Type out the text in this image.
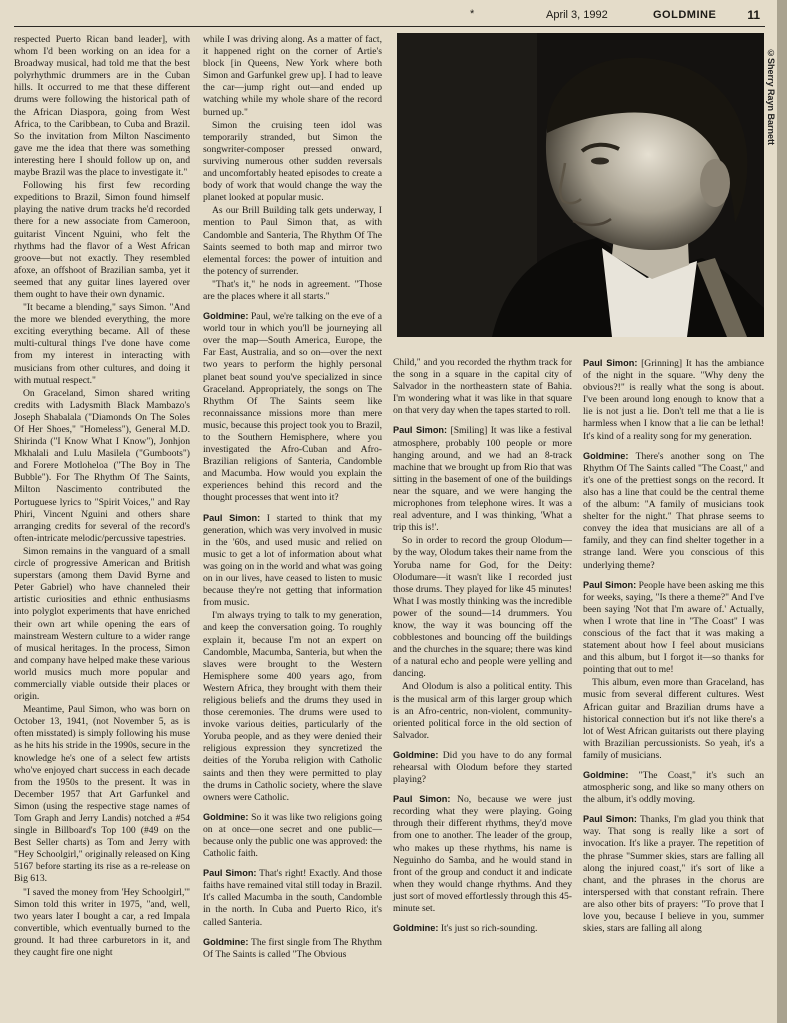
*	April 3, 1992	GOLDMINE	11

respected Puerto Rican band leader], with whom I'd been working on an idea for a Broadway musical, had told me that the best polyrhythmic drummers are in the Cuban hills. It occurred to me that these different drums were following the historical path of the African Diaspora, going from West Africa, to the Caribbean, to Cuba and Brazil. So the invitation from Milton Nascimento gave me the idea that there was something interesting here I should follow up on, and maybe Brazil was the place to investigate it."

Following his first few recording expeditions to Brazil, Simon found himself playing the native drum tracks he'd recorded there for a new associate from Cameroon, guitarist Vincent Nguini, who felt the rhythms had the flavor of a West African groove—but not exactly. They resembled afoxe, an offshoot of Brazilian samba, yet it seemed that any guitar lines layered over them ought to have their own dynamic.

"It became a blending," says Simon. "And the more we blended everything, the more exciting everything became. All of these multi-cultural things I've done have come from my interest in interacting with musicians from other cultures, and doing it with mutual respect."

On Graceland, Simon shared writing credits with Ladysmith Black Mambazo's Joseph Shabalala ("Diamonds On The Soles Of Her Shoes," "Homeless"), General M.D. Shirinda ("I Know What I Know"), Jonhjon Mkhalali and Lulu Masilela ("Gumboots") and Forere Motloheloa ("The Boy in The Bubble"). For The Rhythm Of The Saints, Milton Nascimento contributed the Portuguese lyrics to "Spirit Voices," and Ray Phiri, Vincent Nguini and others share arranging credits for several of the record's often-intricate melodic/percussive tapestries.

Simon remains in the vanguard of a small circle of progressive American and British superstars (among them David Byrne and Peter Gabriel) who have channeled their artistic curiosities and ethnic enthusiasms into polyglot experiments that have enriched their own art while opening the ears of mainstream Western culture to a wider range of musical heritages. In the process, Simon and company have helped make these various world musics much more popular and commercially viable outside their places or origin.

Meantime, Paul Simon, who was born on October 13, 1941, (not November 5, as is often misstated) is simply following his muse as he hits his stride in the 1990s, secure in the knowledge he's one of a select few artists who've enjoyed chart success in each decade from the 1950s to the present. It was in December 1957 that Art Garfunkel and Simon (using the respective stage names of Tom Graph and Jerry Landis) notched a #54 single in Billboard's Top 100 (#49 on the Best Seller charts) as Tom and Jerry with "Hey Schoolgirl," originally released on King 5167 before starting its rise as a re-release on Big 613.

"I saved the money from 'Hey Schoolgirl,'" Simon told this writer in 1975, "and, well, two years later I bought a car, a red Impala convertible, which eventually burned to the ground. It had three carburetors in it, and they caught fire one night

while I was driving along. As a matter of fact, it happened right on the corner of Artie's block [in Queens, New York where both Simon and Garfunkel grew up]. I had to leave the car—jump right out—and ended up watching while my whole share of the record burned up."

Simon the cruising teen idol was temporarily stranded, but Simon the songwriter-composer pressed onward, surviving numerous other sudden reversals and uncomfortably heated episodes to create a body of work that would change the way the planet looked at popular music.

As our Brill Building talk gets underway, I mention to Paul Simon that, as with Candomble and Santeria, The Rhythm Of The Saints seemed to both map and mirror two elemental forces: the power of intuition and the potency of surrender.

"That's it," he nods in agreement. "Those are the places where it all starts."

Goldmine: Paul, we're talking on the eve of a world tour in which you'll be journeying all over the map—South America, Europe, the Far East, Australia, and so on—over the next two years to perform the highly personal planet beat sound you've specialized in since Graceland. Appropriately, the songs on The Rhythm Of The Saints seem like reconnaissance missions more than mere music, because this project took you to Brazil, to the Southern Hemisphere, where you investigated the Afro-Cuban and Afro-Brazilian religions of Santeria, Candomble and Macumba. How would you explain the experiences behind this record and the thought processes that went into it?

Paul Simon: I started to think that my generation, which was very involved in music in the '60s, and used music and relied on music to get a lot of information about what was going on in the world and what was going on in our lives, have ceased to listen to music because they're not getting that information from music.

I'm always trying to talk to my generation, and keep the conversation going. To roughly explain it, because I'm not an expert on Candomble, Macumba, Santeria, but when the slaves were brought to the Western Hemisphere some 400 years ago, from Western Africa, they brought with them their religious beliefs and the drums they used in those ceremonies. The drums were used to invoke various deities, particularly of the Yoruba people, and as they were denied their religious expression they syncretized the deities of the Yoruba religion with Catholic saints and then they were permitted to play the drums in Catholic society, where the slave owners were Catholic.

Goldmine: So it was like two religions going on at once—one secret and one public—because only the public one was approved: the Catholic faith.

Paul Simon: That's right! Exactly. And those faiths have remained vital still today in Brazil. It's called Macumba in the south, Candomble in the north. In Cuba and Puerto Rico, it's called Santeria.

Goldmine: The first single from The Rhythm Of The Saints is called "The Obvious

©Sherry Rayn Barnett

Child," and you recorded the rhythm track for the song in a square in the capital city of Salvador in the northeastern state of Bahia. I'm wondering what it was like in that square on that very day when the tapes started to roll.

Paul Simon: [Smiling] It was like a festival atmosphere, probably 100 people or more hanging around, and we had an 8-track machine that we brought up from Rio that was sitting in the basement of one of the buildings near the square, and we were hanging the microphones from telephone wires. It was a real adventure, and I was thinking, 'What a trip this is!'.

So in order to record the group Olodum—by the way, Olodum takes their name from the Yoruba name for God, for the Deity: Olodumare—it wasn't like I recorded just those drums. They played for like 45 minutes! What I was mostly thinking was the incredible power of the sound—14 drummers. You know, the way it was bouncing off the cobblestones and bouncing off the buildings and the churches in the square; there was kind of a natural echo and people were yelling and dancing.

And Olodum is also a political entity. This is the musical arm of this larger group which is an Afro-centric, non-violent, community-oriented political force in the old section of Salvador.

Goldmine: Did you have to do any formal rehearsal with Olodum before they started playing?

Paul Simon: No, because we were just recording what they were playing. Going through their different rhythms, they'd move from one to another. The leader of the group, who makes up these rhythms, his name is Neguinho do Samba, and he would stand in front of the group and conduct it and indicate when they would change rhythms. And they just sort of moved effortlessly through this 45-minute set.

Goldmine: It's just so rich-sounding.

Paul Simon: [Grinning] It has the ambiance of the night in the square. "Why deny the obvious?!" is really what the song is about. I've been around long enough to know that a lie is not just a lie. Don't tell me that a lie is harmless when I know that a lie can be lethal! It's kind of a reality song for my generation.

Goldmine: There's another song on The Rhythm Of The Saints called "The Coast," and it's one of the prettiest songs on the record. It also has a line that could be the central theme of the album: "A family of musicians took shelter for the night." That phrase seems to convey the idea that musicians are all of a family, and they can find shelter together in a strange land. Were you conscious of this underlying theme?

Paul Simon: People have been asking me this for weeks, saying, "Is there a theme?" And I've been saying 'Not that I'm aware of.' Actually, when I wrote that line in "The Coast" I was conscious of the fact that it was making a statement about how I feel about musicians and this album, but I forgot it—so thanks for pointing that out to me!

This album, even more than Graceland, has music from several different cultures. West African guitar and Brazilian drums have a historical connection but it's not like there's a lot of West African guitarists out there playing with Brazilian percussionists. So yeah, it's a family of musicians.

Goldmine: "The Coast," it's such an atmospheric song, and like so many others on the album, it's oddly moving.

Paul Simon: Thanks, I'm glad you think that way. That song is really like a sort of invocation. It's like a prayer. The repetition of the phrase "Summer skies, stars are falling all along the injured coast," it's sort of like a chant, and the phrases in the chorus are interspersed with that constant refrain. There are also other bits of prayers: "To prove that I love you, because I believe in you, summer skies, stars are falling all along
